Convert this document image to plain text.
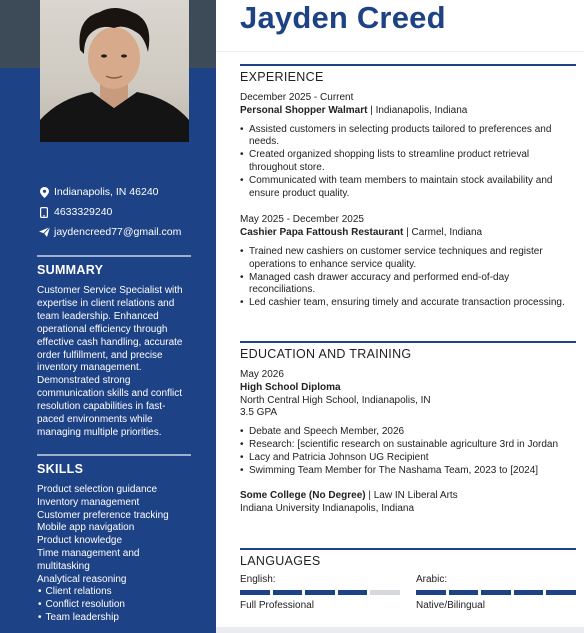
Indianapolis, IN 46240
4633329240
jaydencreed77@gmail.com
SUMMARY
Customer Service Specialist with expertise in client relations and team leadership. Enhanced operational efficiency through effective cash handling, accurate order fulfillment, and precise inventory management. Demonstrated strong communication skills and conflict resolution capabilities in fast-paced environments while managing multiple priorities.
SKILLS
Product selection guidance
Inventory management
Customer preference tracking
Mobile app navigation
Product knowledge
Time management and
multitasking
Analytical reasoning
• Client relations
• Conflict resolution
• Team leadership
Jayden Creed
EXPERIENCE
December 2025 - Current
Personal Shopper Walmart | Indianapolis, Indiana
• Assisted customers in selecting products tailored to preferences and needs.
• Created organized shopping lists to streamline product retrieval throughout store.
• Communicated with team members to maintain stock availability and ensure product quality.
May 2025 - December 2025
Cashier Papa Fattoush Restaurant | Carmel, Indiana
• Trained new cashiers on customer service techniques and register operations to enhance service quality.
• Managed cash drawer accuracy and performed end-of-day reconciliations.
• Led cashier team, ensuring timely and accurate transaction processing.
EDUCATION AND TRAINING
May 2026
High School Diploma
North Central High School, Indianapolis, IN
3.5 GPA
• Debate and Speech Member, 2026
• Research: [scientific research on sustainable agriculture 3rd in Jordan
• Lacy and Patricia Johnson UG Recipient
• Swimming Team Member for The Nashama Team, 2023 to [2024]
Some College (No Degree) | Law IN Liberal Arts
Indiana University Indianapolis, Indiana
LANGUAGES
English:
Full Professional
Arabic:
Native/Bilingual
